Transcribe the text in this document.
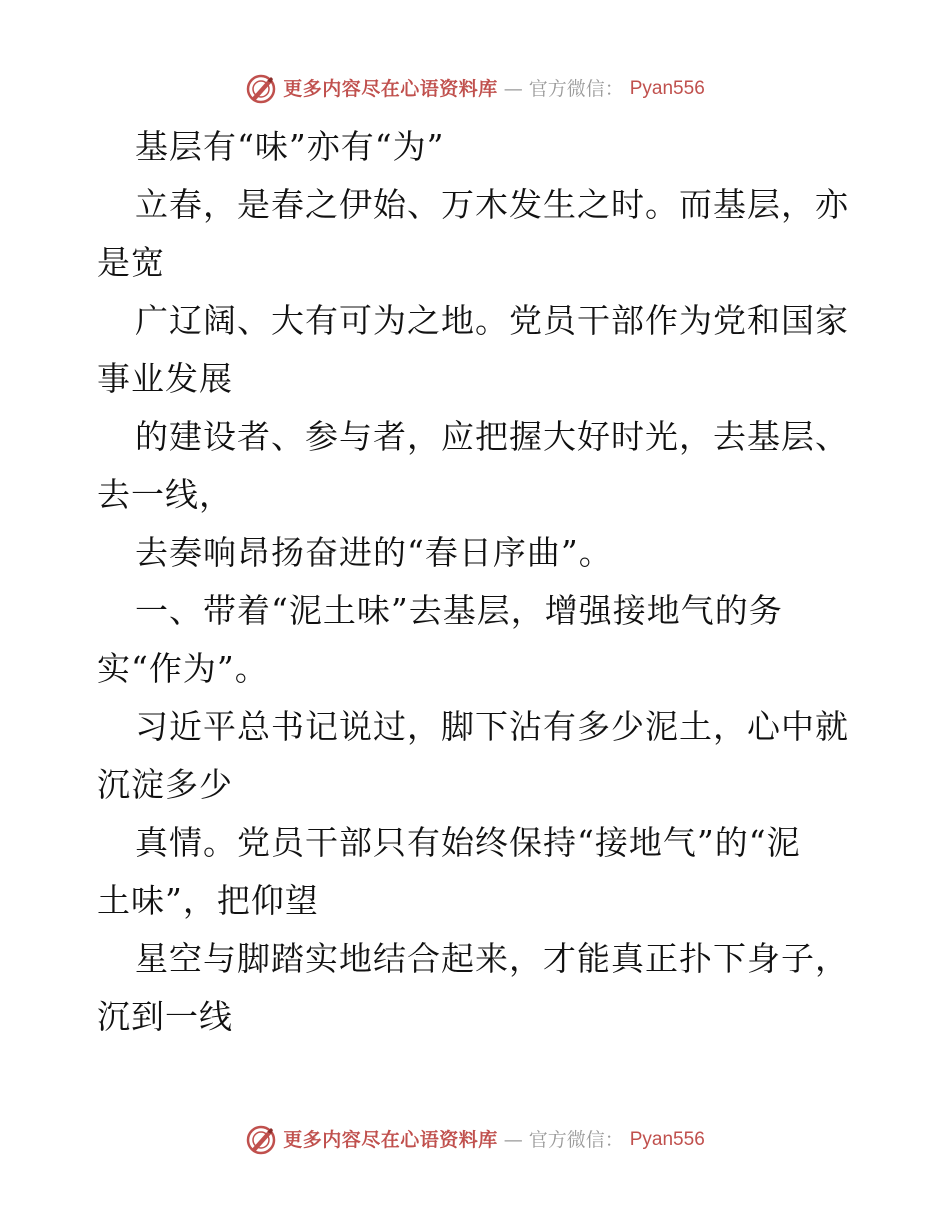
更多内容尽在心语资料库 — 官方微信： Pyan556
基层有“味”亦有“为”
立春，是春之伊始、万木发生之时。而基层，亦
是宽
广辽阔、大有可为之地。党员干部作为党和国家
事业发展
的建设者、参与者，应把握大好时光，去基层、
去一线，
去奏响昂扬奋进的“春日序曲”。
一、带着“泥土味”去基层，增强接地气的务
实“作为”。
习近平总书记说过，脚下沾有多少泥土，心中就
沉淀多少
真情。党员干部只有始终保持“接地气”的“泥
土味”，把仰望
星空与脚踏实地结合起来，才能真正扑下身子，
沉到一线
更多内容尽在心语资料库 — 官方微信： Pyan556
